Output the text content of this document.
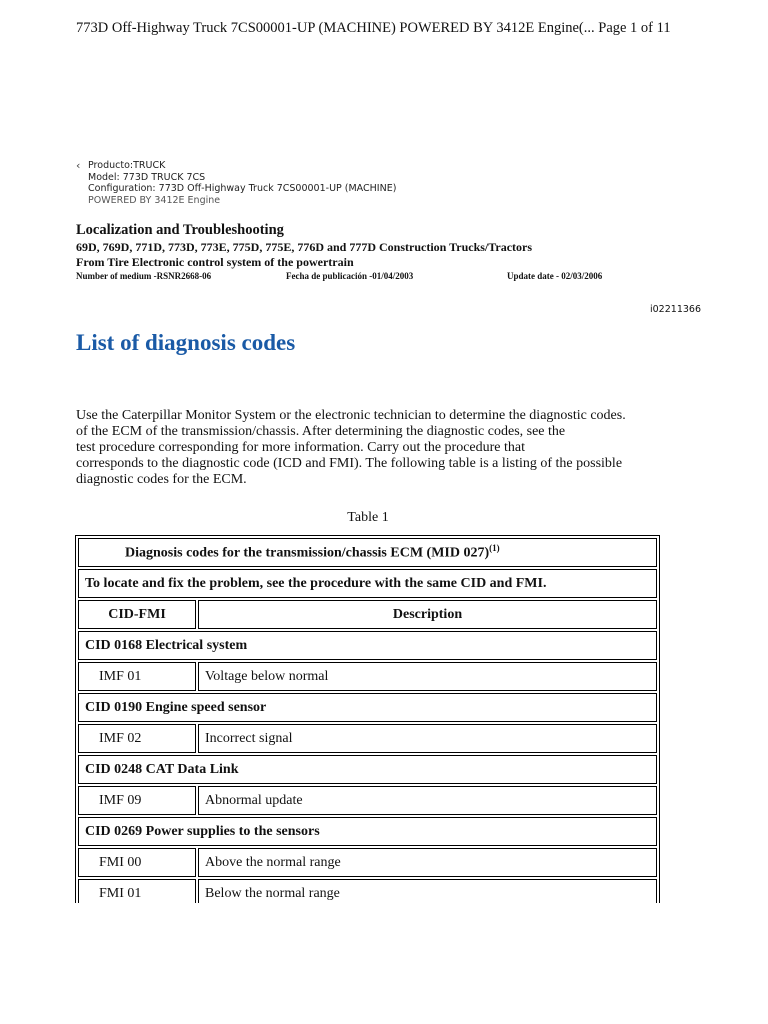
773D Off-Highway Truck 7CS00001-UP (MACHINE) POWERED BY 3412E Engine(... Page 1 of 11
‹ Producto:TRUCK
Model: 773D TRUCK 7CS
Configuration: 773D Off-Highway Truck 7CS00001-UP (MACHINE)
POWERED BY 3412E Engine
Localization and Troubleshooting
69D, 769D, 771D, 773D, 773E, 775D, 775E, 776D and 777D Construction Trucks/Tractors
From Tire Electronic control system of the powertrain
Number of medium -RSNR2668-06	Fecha de publicación -01/04/2003	Update date - 02/03/2006
i02211366
List of diagnosis codes
Use the Caterpillar Monitor System or the electronic technician to determine the diagnostic codes.
of the ECM of the transmission/chassis. After determining the diagnostic codes, see the
test procedure corresponding for more information. Carry out the procedure that
corresponds to the diagnostic code (ICD and FMI). The following table is a listing of the possible
diagnostic codes for the ECM.
Table 1
Diagnosis codes for the transmission/chassis ECM (MID 027)$^{(1)}$
To locate and fix the problem, see the procedure with the same CID and FMI.	
CID-FMI	Description
CID 0168 Electrical system	
IMF 01	Voltage below normal
CID 0190 Engine speed sensor	
IMF 02	Incorrect signal
CID 0248 CAT Data Link	
IMF 09	Abnormal update
CID 0269 Power supplies to the sensors	
FMI 00	Above the normal range
FMI 01	Below the normal range
